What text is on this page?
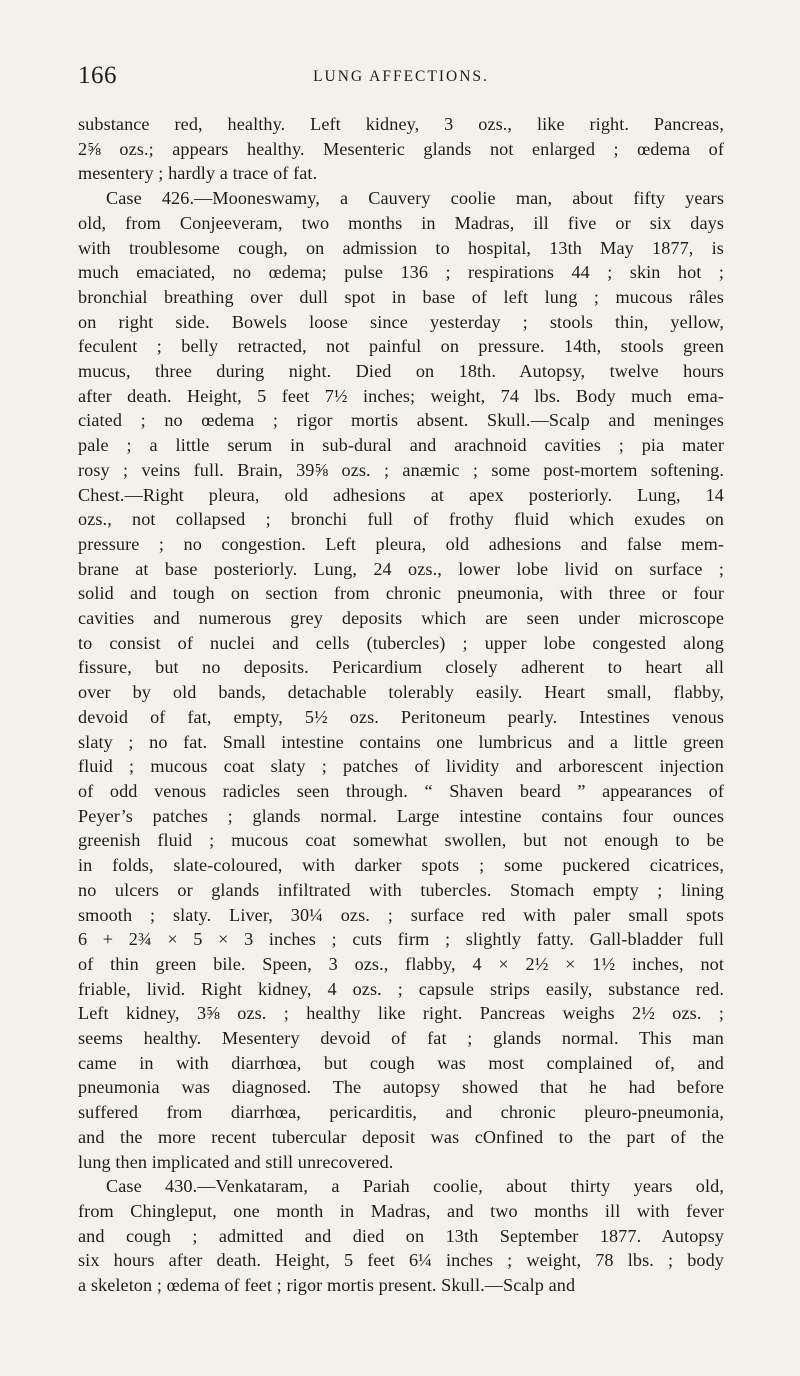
166	LUNG AFFECTIONS.
substance red, healthy. Left kidney, 3 ozs., like right. Pancreas,
2⅝ ozs.; appears healthy. Mesenteric glands not enlarged ; œdema of
mesentery ; hardly a trace of fat.
Case 426.—Mooneswamy, a Cauvery coolie man, about fifty years
old, from Conjeeveram, two months in Madras, ill five or six days
with troublesome cough, on admission to hospital, 13th May 1877, is
much emaciated, no œdema; pulse 136 ; respirations 44 ; skin hot ;
bronchial breathing over dull spot in base of left lung ; mucous râles
on right side. Bowels loose since yesterday ; stools thin, yellow,
feculent ; belly retracted, not painful on pressure. 14th, stools green
mucus, three during night. Died on 18th. Autopsy, twelve hours
after death. Height, 5 feet 7½ inches; weight, 74 lbs. Body much ema-
ciated ; no œdema ; rigor mortis absent. Skull.—Scalp and meninges
pale ; a little serum in sub-dural and arachnoid cavities ; pia mater
rosy ; veins full. Brain, 39⅝ ozs. ; anæmic ; some post-mortem softening.
Chest.—Right pleura, old adhesions at apex posteriorly. Lung, 14
ozs., not collapsed ; bronchi full of frothy fluid which exudes on
pressure ; no congestion. Left pleura, old adhesions and false mem-
brane at base posteriorly. Lung, 24 ozs., lower lobe livid on surface ;
solid and tough on section from chronic pneumonia, with three or four
cavities and numerous grey deposits which are seen under microscope
to consist of nuclei and cells (tubercles) ; upper lobe congested along
fissure, but no deposits. Pericardium closely adherent to heart all
over by old bands, detachable tolerably easily. Heart small, flabby,
devoid of fat, empty, 5½ ozs. Peritoneum pearly. Intestines venous
slaty ; no fat. Small intestine contains one lumbricus and a little green
fluid ; mucous coat slaty ; patches of lividity and arborescent injection
of odd venous radicles seen through. “ Shaven beard ” appearances of
Peyer’s patches ; glands normal. Large intestine contains four ounces
greenish fluid ; mucous coat somewhat swollen, but not enough to be
in folds, slate-coloured, with darker spots ; some puckered cicatrices,
no ulcers or glands infiltrated with tubercles. Stomach empty ; lining
smooth ; slaty. Liver, 30¼ ozs. ; surface red with paler small spots
6 + 2¾ × 5 × 3 inches ; cuts firm ; slightly fatty. Gall-bladder full
of thin green bile. Speen, 3 ozs., flabby, 4 × 2½ × 1½ inches, not
friable, livid. Right kidney, 4 ozs. ; capsule strips easily, substance red.
Left kidney, 3⅝ ozs. ; healthy like right. Pancreas weighs 2½ ozs. ;
seems healthy. Mesentery devoid of fat ; glands normal. This man
came in with diarrhœa, but cough was most complained of, and
pneumonia was diagnosed. The autopsy showed that he had before
suffered from diarrhœa, pericarditis, and chronic pleuro-pneumonia,
and the more recent tubercular deposit was cOnfined to the part of the
lung then implicated and still unrecovered.
Case 430.—Venkataram, a Pariah coolie, about thirty years old,
from Chingleput, one month in Madras, and two months ill with fever
and cough ; admitted and died on 13th September 1877. Autopsy
six hours after death. Height, 5 feet 6¼ inches ; weight, 78 lbs. ; body
a skeleton ; œdema of feet ; rigor mortis present. Skull.—Scalp and
